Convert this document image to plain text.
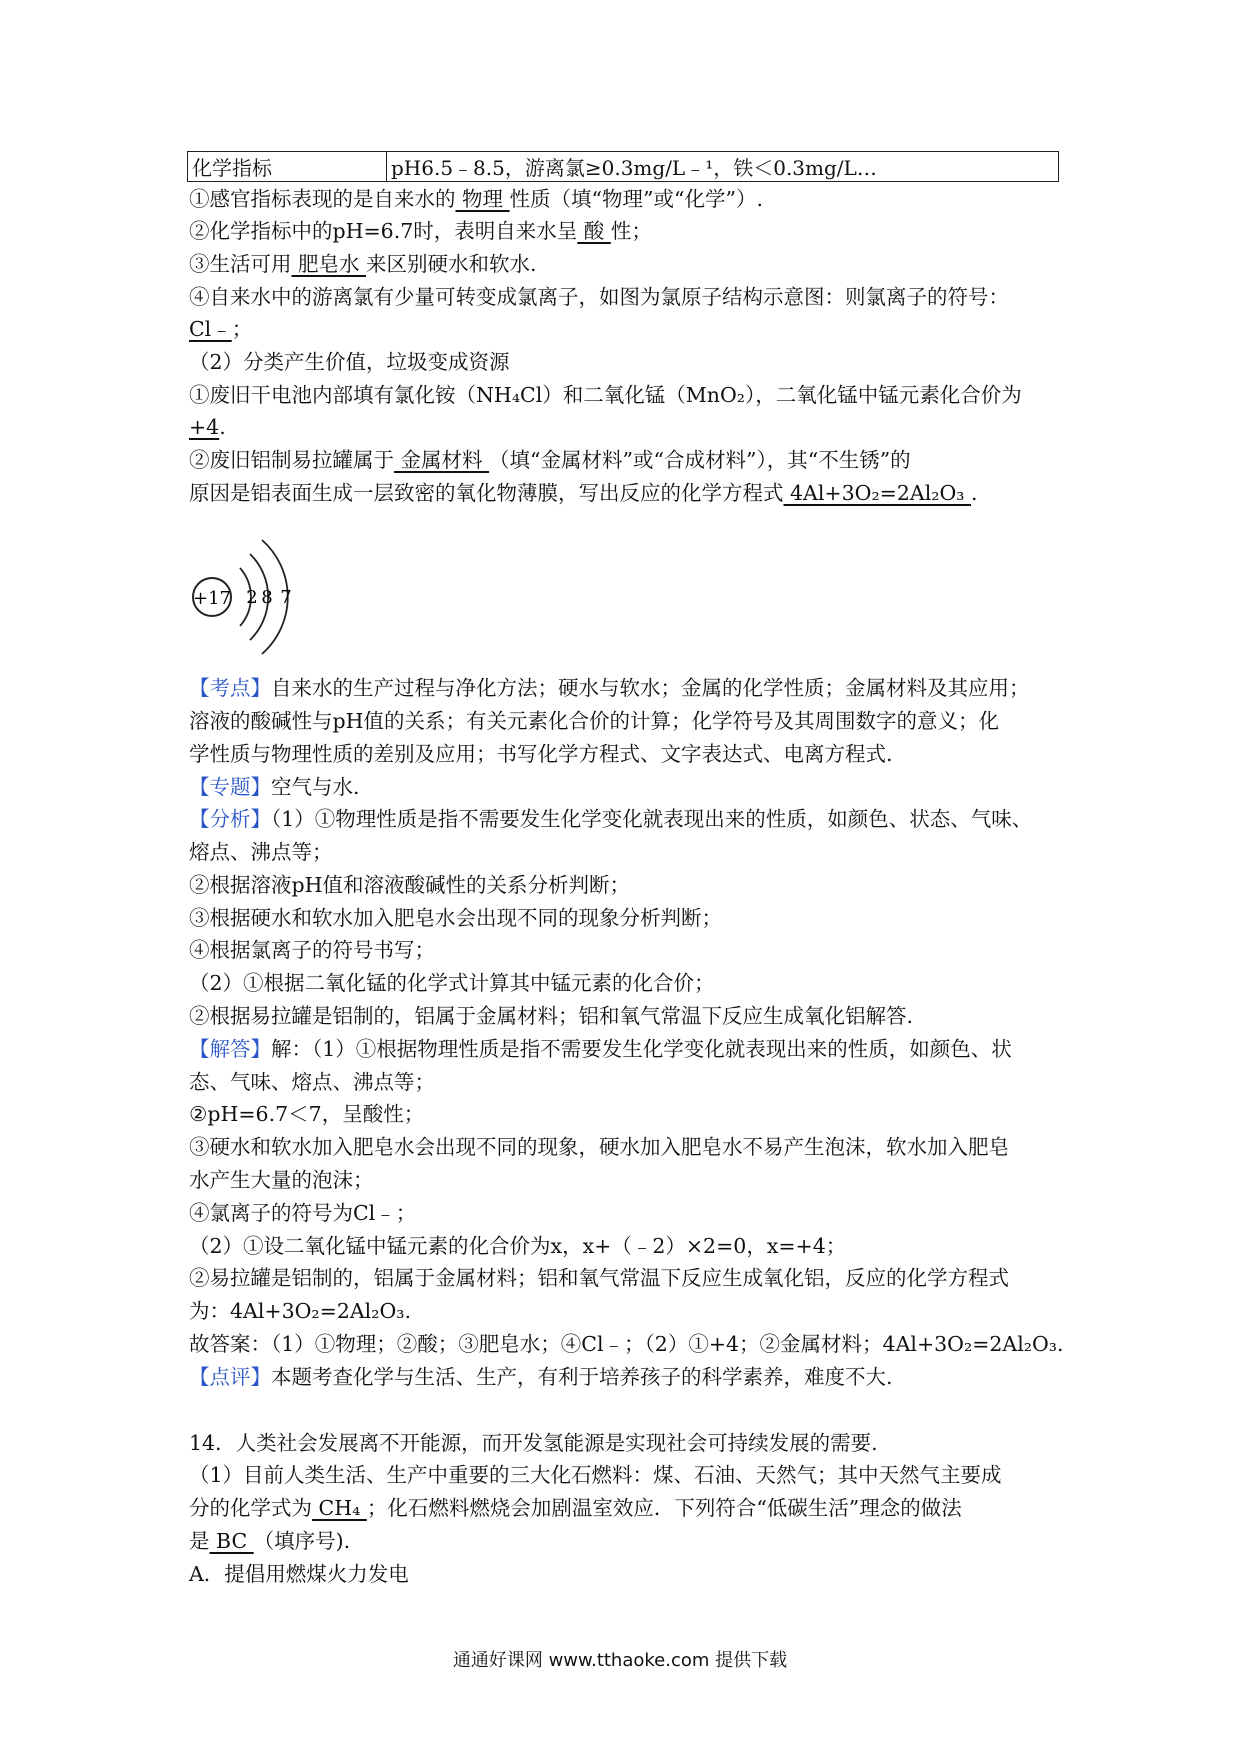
化学指标	pH6.5﹣8.5，游离氯≥0.3mg/L﹣¹，铁＜0.3mg/L…
①感官指标表现的是自来水的 物理 性质（填“物理”或“化学”）.
②化学指标中的pH=6.7时，表明自来水呈 酸 性；
③生活可用 肥皂水 来区别硬水和软水.
④自来水中的游离氯有少量可转变成氯离子，如图为氯原子结构示意图：则氯离子的符号：
Cl﹣；
（2）分类产生价值，垃圾变成资源
①废旧干电池内部填有氯化铵（NH₄Cl）和二氧化锰（MnO₂），二氧化锰中锰元素化合价为
+4.
②废旧铝制易拉罐属于 金属材料 （填“金属材料”或“合成材料”），其“不生锈”的
原因是铝表面生成一层致密的氧化物薄膜，写出反应的化学方程式 4Al+3O₂=2Al₂O₃ .
+17 2 8 7
【考点】自来水的生产过程与净化方法；硬水与软水；金属的化学性质；金属材料及其应用；
溶液的酸碱性与pH值的关系；有关元素化合价的计算；化学符号及其周围数字的意义；化
学性质与物理性质的差别及应用；书写化学方程式、文字表达式、电离方程式.
【专题】空气与水.
【分析】（1）①物理性质是指不需要发生化学变化就表现出来的性质，如颜色、状态、气味、
熔点、沸点等；
②根据溶液pH值和溶液酸碱性的关系分析判断；
③根据硬水和软水加入肥皂水会出现不同的现象分析判断；
④根据氯离子的符号书写；
（2）①根据二氧化锰的化学式计算其中锰元素的化合价；
②根据易拉罐是铝制的，铝属于金属材料；铝和氧气常温下反应生成氧化铝解答.
【解答】解：（1）①根据物理性质是指不需要发生化学变化就表现出来的性质，如颜色、状
态、气味、熔点、沸点等；
②pH=6.7＜7，呈酸性；
③硬水和软水加入肥皂水会出现不同的现象，硬水加入肥皂水不易产生泡沫，软水加入肥皂
水产生大量的泡沫；
④氯离子的符号为Cl﹣；
（2）①设二氧化锰中锰元素的化合价为x，x+（﹣2）×2=0，x=+4；
②易拉罐是铝制的，铝属于金属材料；铝和氧气常温下反应生成氧化铝，反应的化学方程式
为：4Al+3O₂=2Al₂O₃.
故答案：（1）①物理；②酸；③肥皂水；④Cl﹣；（2）①+4；②金属材料；4Al+3O₂=2Al₂O₃.
【点评】本题考查化学与生活、生产，有利于培养孩子的科学素养，难度不大.
14．人类社会发展离不开能源，而开发氢能源是实现社会可持续发展的需要.
（1）目前人类生活、生产中重要的三大化石燃料：煤、石油、天然气；其中天然气主要成
分的化学式为 CH₄ ；化石燃料燃烧会加剧温室效应．下列符合“低碳生活”理念的做法
是 BC （填序号).
A．提倡用燃煤火力发电
通通好课网 www.tthaoke.com 提供下载
